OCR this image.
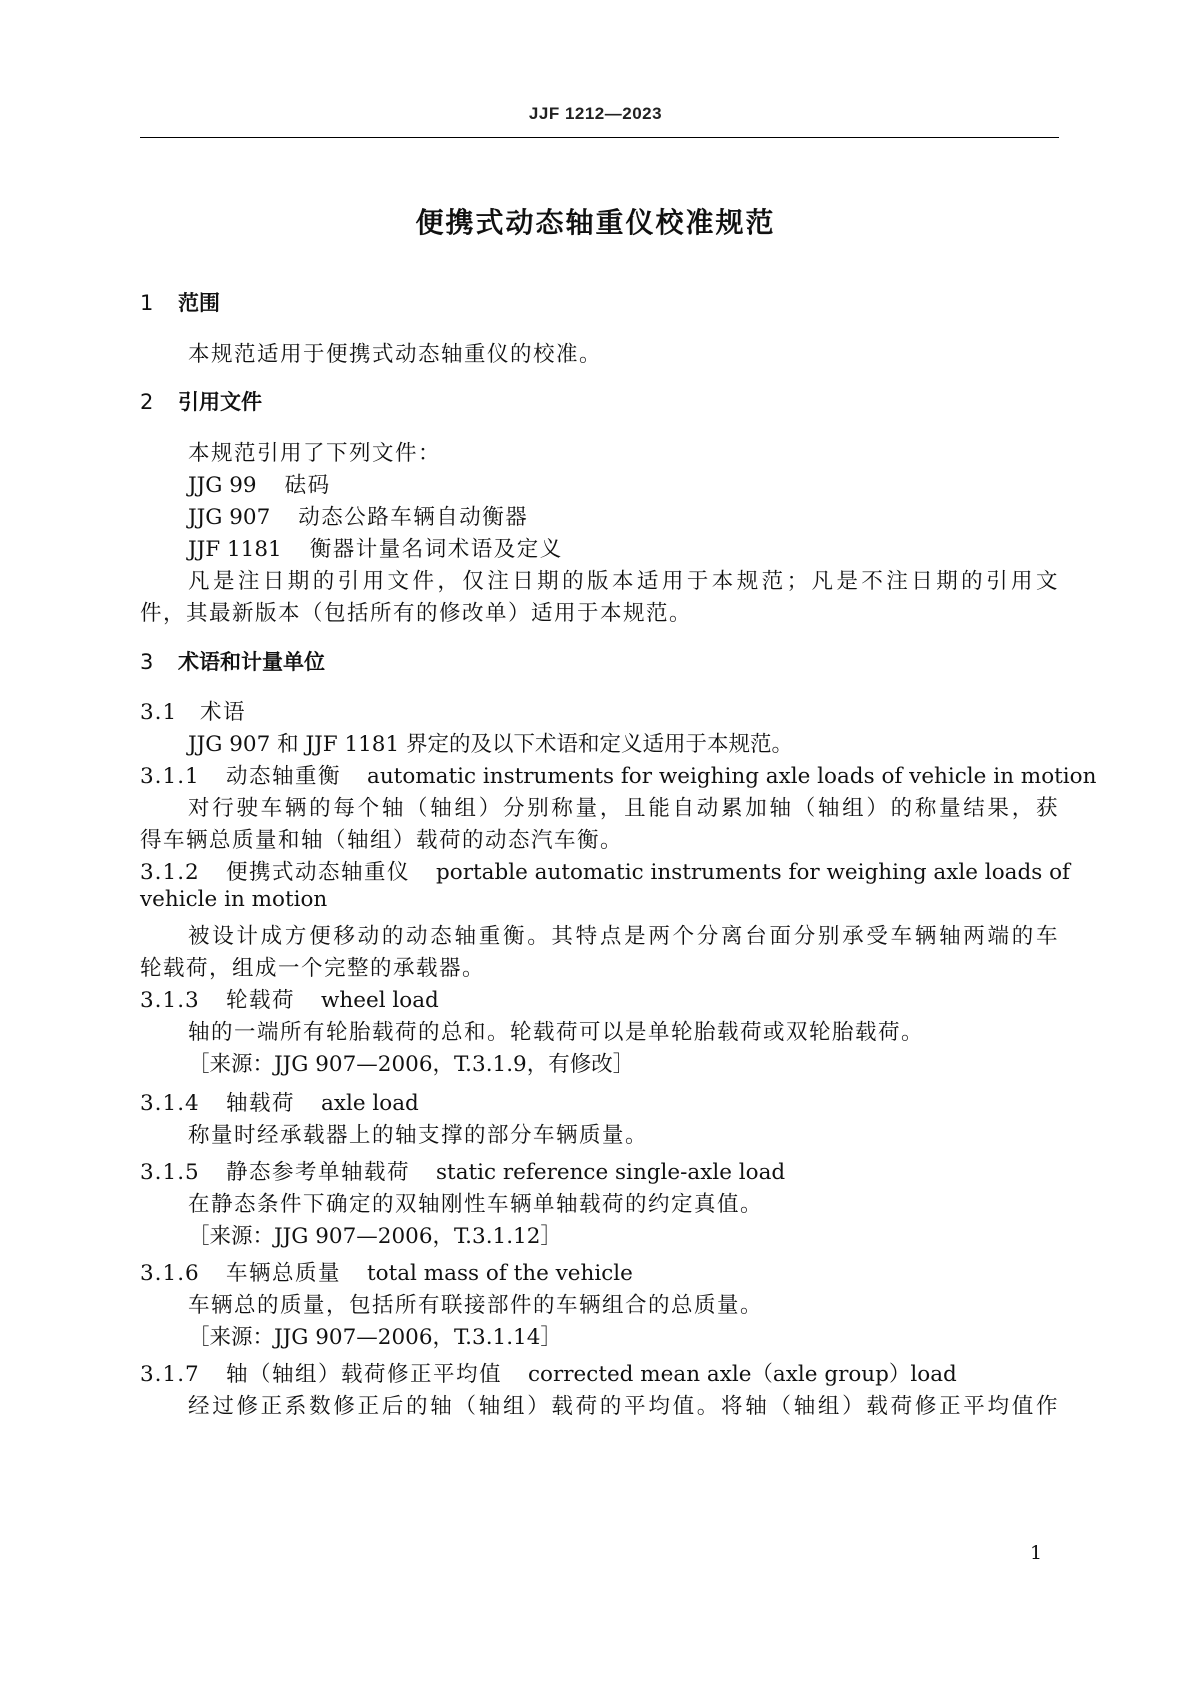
JJF 1212—2023
便携式动态轴重仪校准规范
1 范围
本规范适用于便携式动态轴重仪的校准。
2 引用文件
本规范引用了下列文件：
JJG 99 砝码
JJG 907 动态公路车辆自动衡器
JJF 1181 衡器计量名词术语及定义
凡是注日期的引用文件，仅注日期的版本适用于本规范；凡是不注日期的引用文
件，其最新版本（包括所有的修改单）适用于本规范。
3 术语和计量单位
3.1 术语
JJG 907 和 JJF 1181 界定的及以下术语和定义适用于本规范。
3.1.1 动态轴重衡 automatic instruments for weighing axle loads of vehicle in motion
对行驶车辆的每个轴（轴组）分别称量，且能自动累加轴（轴组）的称量结果，获
得车辆总质量和轴（轴组）载荷的动态汽车衡。
3.1.2 便携式动态轴重仪 portable automatic instruments for weighing axle loads of
vehicle in motion
被设计成方便移动的动态轴重衡。其特点是两个分离台面分别承受车辆轴两端的车
轮载荷，组成一个完整的承载器。
3.1.3 轮载荷 wheel load
轴的一端所有轮胎载荷的总和。轮载荷可以是单轮胎载荷或双轮胎载荷。
［来源：JJG 907—2006，T.3.1.9，有修改］
3.1.4 轴载荷 axle load
称量时经承载器上的轴支撑的部分车辆质量。
3.1.5 静态参考单轴载荷 static reference single-axle load
在静态条件下确定的双轴刚性车辆单轴载荷的约定真值。
［来源：JJG 907—2006，T.3.1.12］
3.1.6 车辆总质量 total mass of the vehicle
车辆总的质量，包括所有联接部件的车辆组合的总质量。
［来源：JJG 907—2006，T.3.1.14］
3.1.7 轴（轴组）载荷修正平均值 corrected mean axle（axle group）load
经过修正系数修正后的轴（轴组）载荷的平均值。将轴（轴组）载荷修正平均值作
1
